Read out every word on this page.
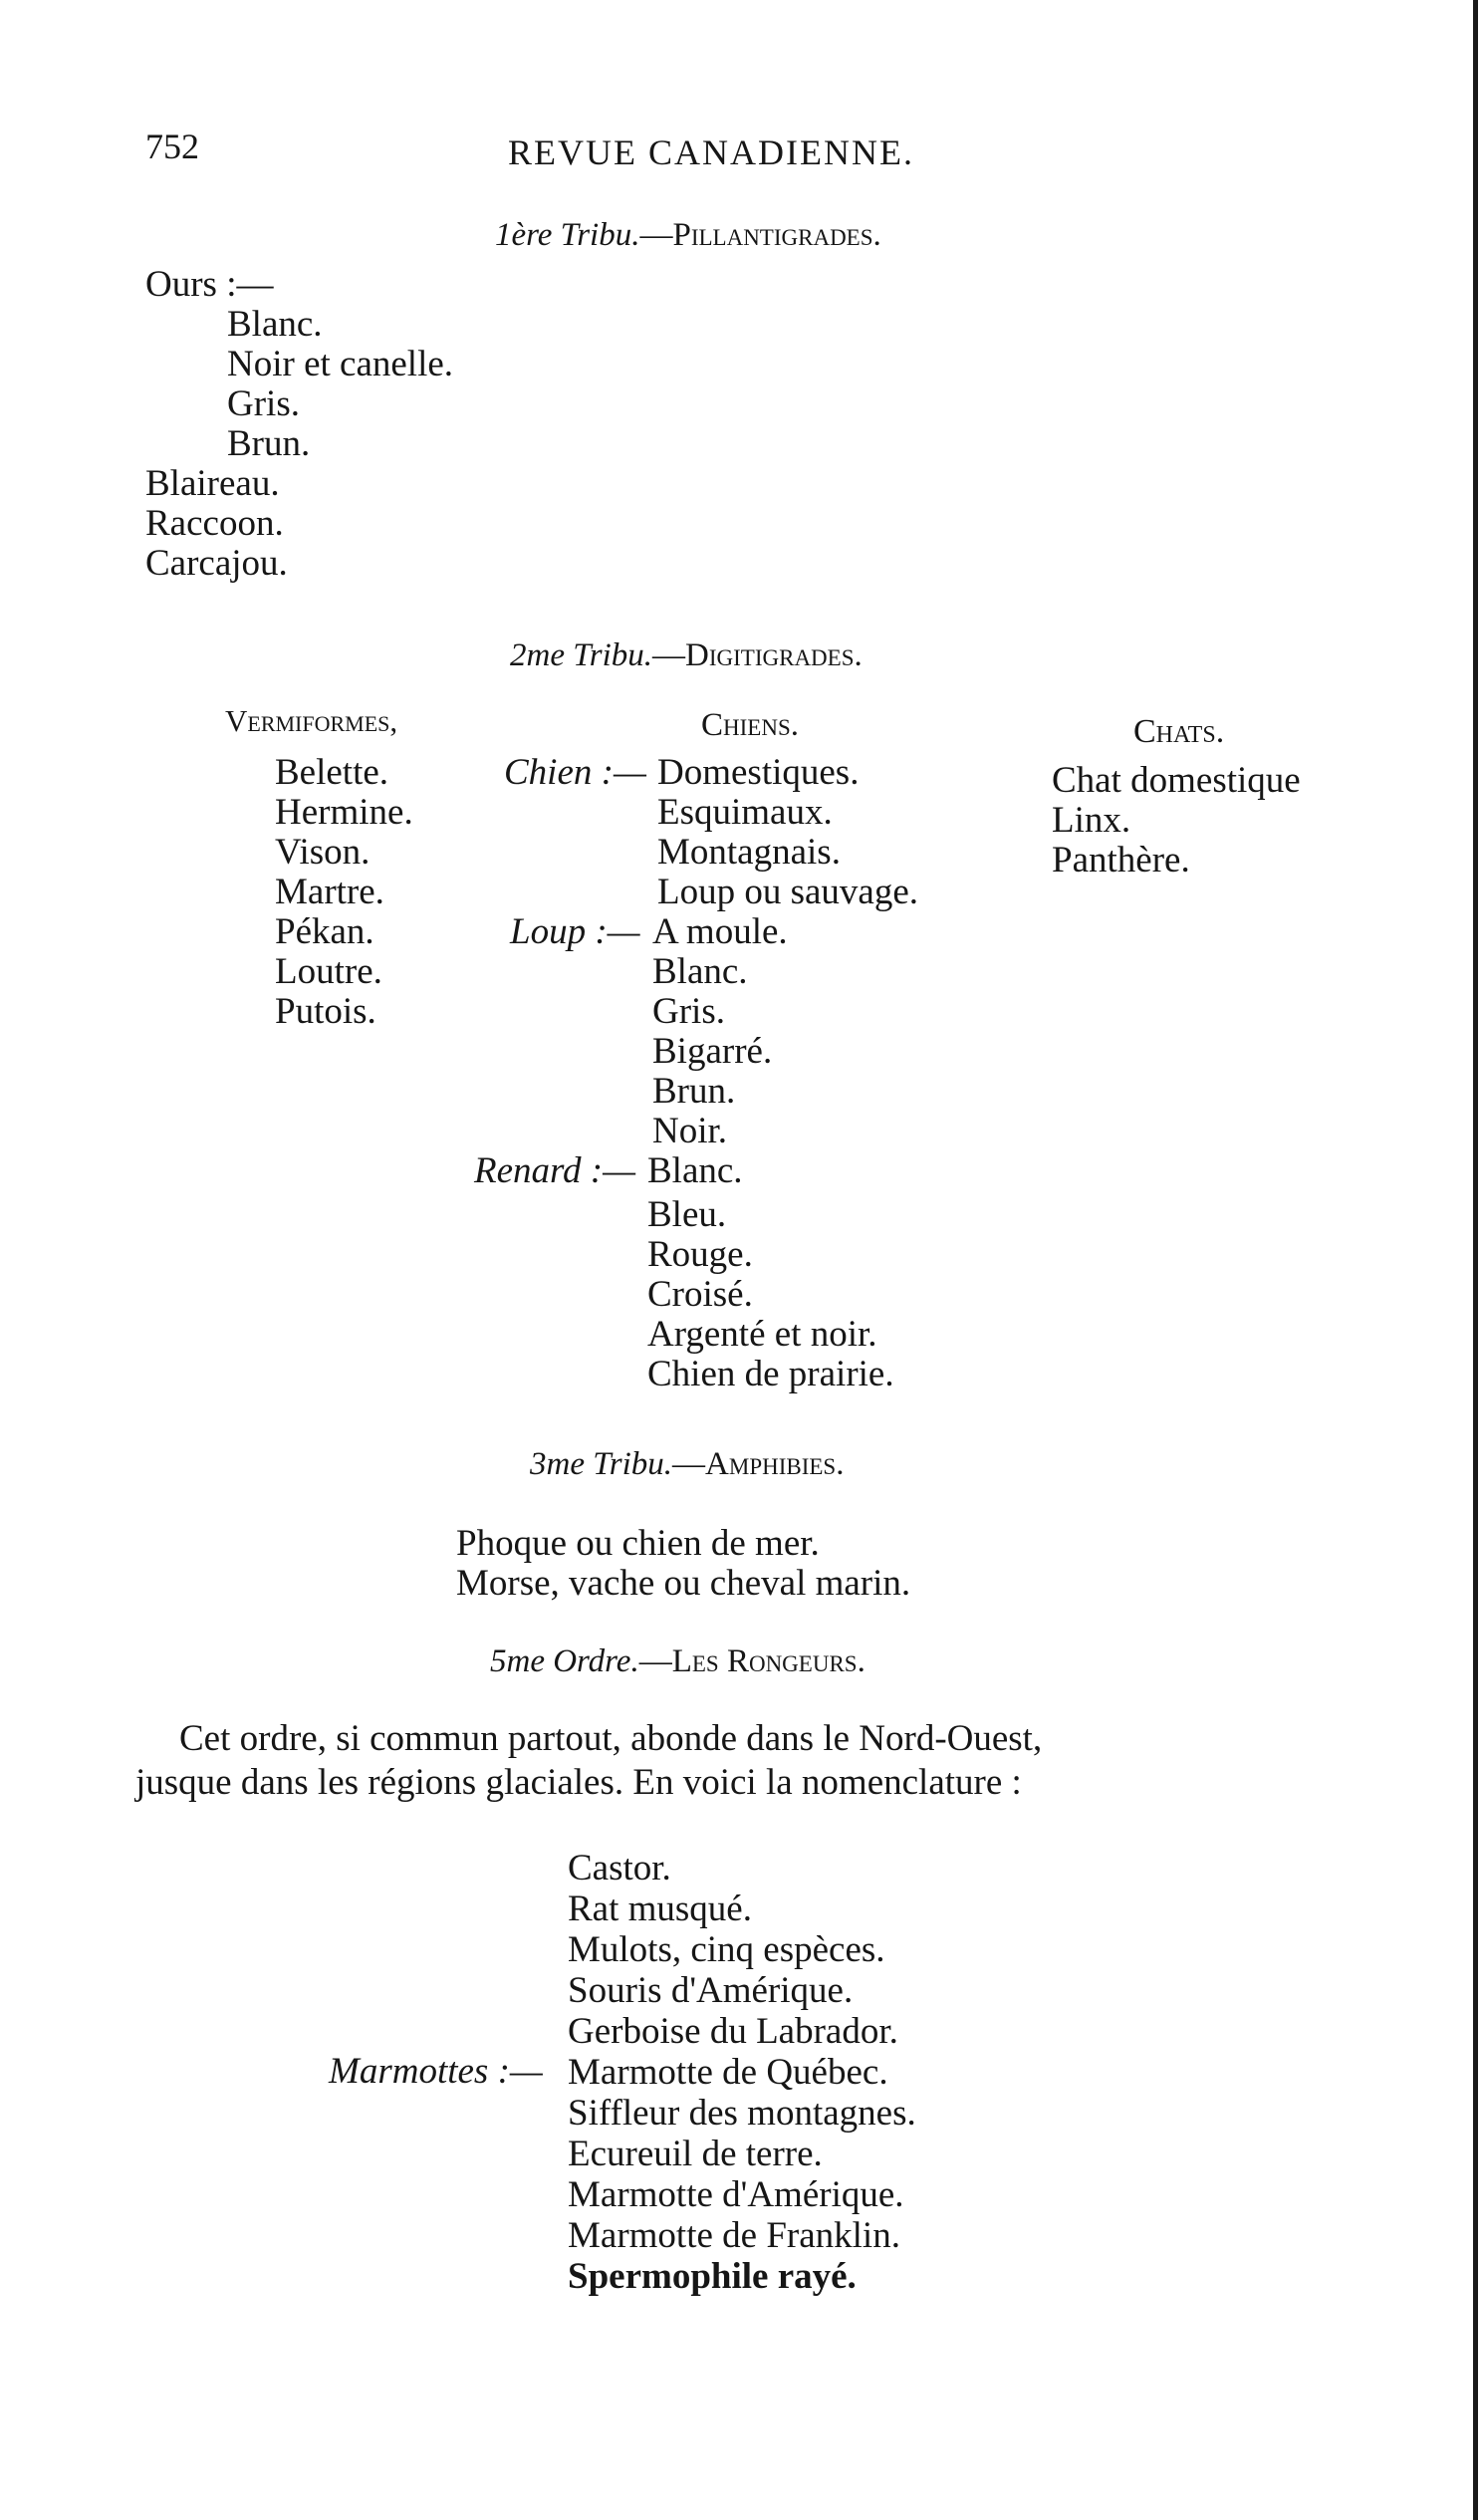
752	REVUE CANADIENNE.
1ère Tribu.—Pillantigrades.
Ours :—
Blanc.
Noir et canelle.
Gris.
Brun.
Blaireau.
Raccoon.
Carcajou.
2me Tribu.—Digitigrades.
Vermiformes,
Belette.
Hermine.
Vison.
Martre.
Pékan.
Loutre.
Putois.
Chiens.
Chien :— Domestiques.
Esquimaux.
Montagnais.
Loup ou sauvage.
Loup :— A moule.
Blanc.
Gris.
Bigarré.
Brun.
Noir.
Renard :— Blanc.
Bleu.
Rouge.
Croisé.
Argenté et noir.
Chien de prairie.
Chats.
Chat domestique
Linx.
Panthère.
3me Tribu.—Amphibies.
Phoque ou chien de mer.
Morse, vache ou cheval marin.
5me Ordre.—Les Rongeurs.
Cet ordre, si commun partout, abonde dans le Nord-Ouest,
jusque dans les régions glaciales. En voici la nomenclature :
Marmottes :—
Castor.
Rat musqué.
Mulots, cinq espèces.
Souris d'Amérique.
Gerboise du Labrador.
Marmotte de Québec.
Siffleur des montagnes.
Ecureuil de terre.
Marmotte d'Amérique.
Marmotte de Franklin.
Spermophile rayé.
